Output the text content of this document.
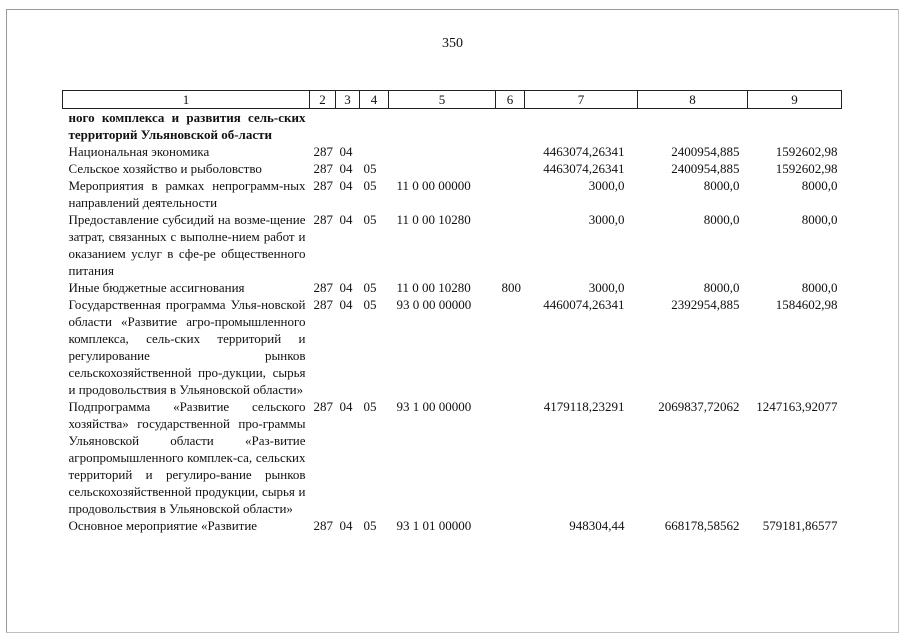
350
1	2	3	4	5	6	7	8	9
ного комплекса и развития сель-ских территорий Ульяновской об-ласти								
Национальная экономика	287	04				4463074,26341	2400954,885	1592602,98
Сельское хозяйство и рыболовство	287	04	05			4463074,26341	2400954,885	1592602,98
Мероприятия в рамках непрограмм-ных направлений деятельности	287	04	05	11 0 00 00000		3000,0	8000,0	8000,0
Предоставление субсидий на возме-щение затрат, связанных с выполне-нием работ и оказанием услуг в сфе-ре общественного питания	287	04	05	11 0 00 10280		3000,0	8000,0	8000,0
Иные бюджетные ассигнования	287	04	05	11 0 00 10280	800	3000,0	8000,0	8000,0
Государственная программа Улья-новской области «Развитие агро-промышленного комплекса, сель-ских территорий и регулирование рынков сельскохозяйственной про-дукции, сырья и продовольствия в Ульяновской области»	287	04	05	93 0 00 00000		4460074,26341	2392954,885	1584602,98
Подпрограмма «Развитие сельского хозяйства» государственной про-граммы Ульяновской области «Раз-витие агропромышленного комплек-са, сельских территорий и регулиро-вание рынков сельскохозяйственной продукции, сырья и продовольствия в Ульяновской области»	287	04	05	93 1 00 00000		4179118,23291	2069837,72062	1247163,92077
Основное мероприятие «Развитие	287	04	05	93 1 01 00000		948304,44	668178,58562	579181,86577
